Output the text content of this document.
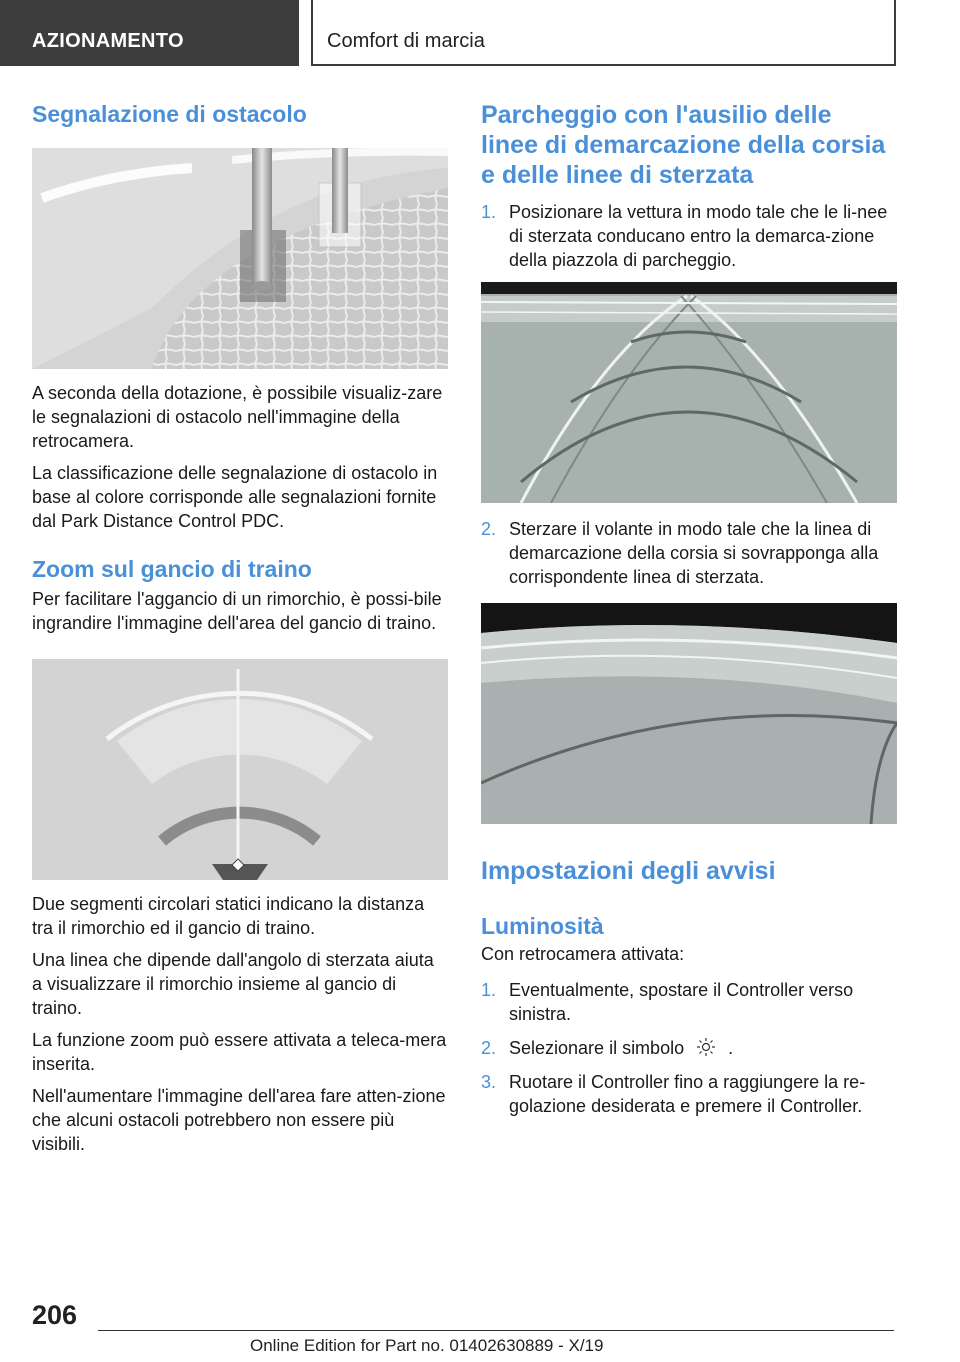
AZIONAMENTO	Comfort di marcia
Segnalazione di ostacolo

A seconda della dotazione, è possibile visualiz-zare le segnalazioni di ostacolo nell'immagine della retrocamera.

La classificazione delle segnalazione di ostacolo in base al colore corrisponde alle segnalazioni fornite dal Park Distance Control PDC.

Zoom sul gancio di traino

Per facilitare l'aggancio di un rimorchio, è possi-bile ingrandire l'immagine dell'area del gancio di traino.

Due segmenti circolari statici indicano la distanza tra il rimorchio ed il gancio di traino.

Una linea che dipende dall'angolo di sterzata aiuta a visualizzare il rimorchio insieme al gancio di traino.

La funzione zoom può essere attivata a teleca-mera inserita.

Nell'aumentare l'immagine dell'area fare atten-zione che alcuni ostacoli potrebbero non essere più visibili.

Parcheggio con l'ausilio delle linee di demarcazione della corsia e delle linee di sterzata
1. Posizionare la vettura in modo tale che le li-nee di sterzata conducano entro la demarca-zione della piazzola di parcheggio.
2. Sterzare il volante in modo tale che la linea di demarcazione della corsia si sovrapponga alla corrispondente linea di sterzata.
Impostazioni degli avvisi
Luminosità

Con retrocamera attivata:

1. Eventualmente, spostare il Controller verso sinistra.
2. Selezionare il simbolo .
3. Ruotare il Controller fino a raggiungere la re-golazione desiderata e premere il Controller.
206
Online Edition for Part no. 01402630889 - X/19
